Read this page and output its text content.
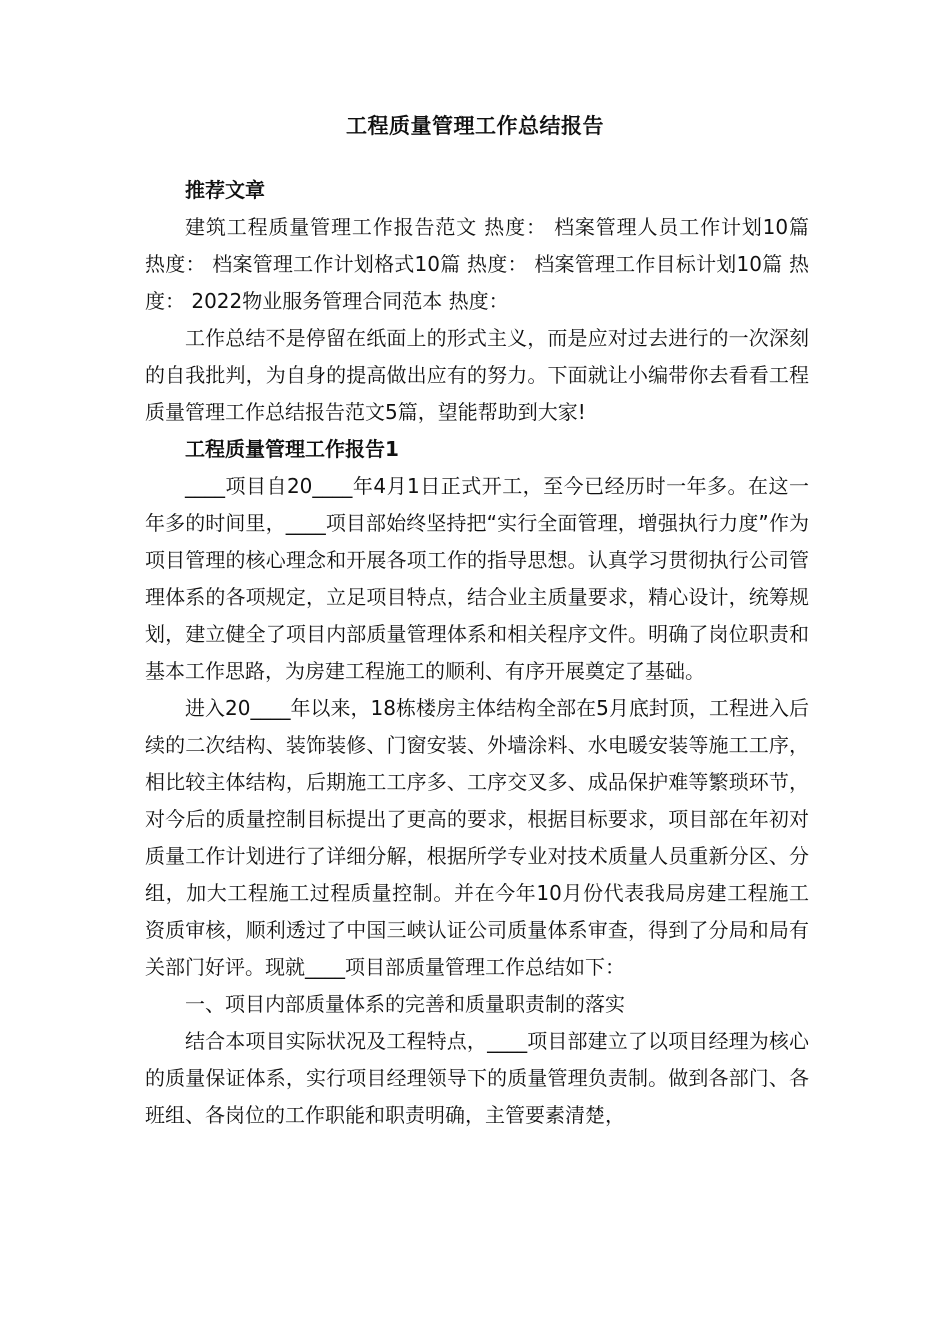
工程质量管理工作总结报告

推荐文章

建筑工程质量管理工作报告范文 热度： 档案管理人员工作计划10篇 热度： 档案管理工作计划格式10篇 热度： 档案管理工作目标计划10篇 热度： 2022物业服务管理合同范本 热度：

工作总结不是停留在纸面上的形式主义，而是应对过去进行的一次深刻的自我批判，为自身的提高做出应有的努力。下面就让小编带你去看看工程质量管理工作总结报告范文5篇，望能帮助到大家!

工程质量管理工作报告1

____项目自20____年4月1日正式开工，至今已经历时一年多。在这一年多的时间里，____项目部始终坚持把“实行全面管理，增强执行力度”作为项目管理的核心理念和开展各项工作的指导思想。认真学习贯彻执行公司管理体系的各项规定，立足项目特点，结合业主质量要求，精心设计，统筹规划，建立健全了项目内部质量管理体系和相关程序文件。明确了岗位职责和基本工作思路，为房建工程施工的顺利、有序开展奠定了基础。

进入20____年以来，18栋楼房主体结构全部在5月底封顶，工程进入后续的二次结构、装饰装修、门窗安装、外墙涂料、水电暖安装等施工工序，相比较主体结构，后期施工工序多、工序交叉多、成品保护难等繁琐环节，对今后的质量控制目标提出了更高的要求，根据目标要求，项目部在年初对质量工作计划进行了详细分解，根据所学专业对技术质量人员重新分区、分组，加大工程施工过程质量控制。并在今年10月份代表我局房建工程施工资质审核，顺利透过了中国三峡认证公司质量体系审查，得到了分局和局有关部门好评。现就____项目部质量管理工作总结如下：

一、项目内部质量体系的完善和质量职责制的落实

结合本项目实际状况及工程特点，____项目部建立了以项目经理为核心的质量保证体系，实行项目经理领导下的质量管理负责制。做到各部门、各班组、各岗位的工作职能和职责明确，主管要素清楚，
